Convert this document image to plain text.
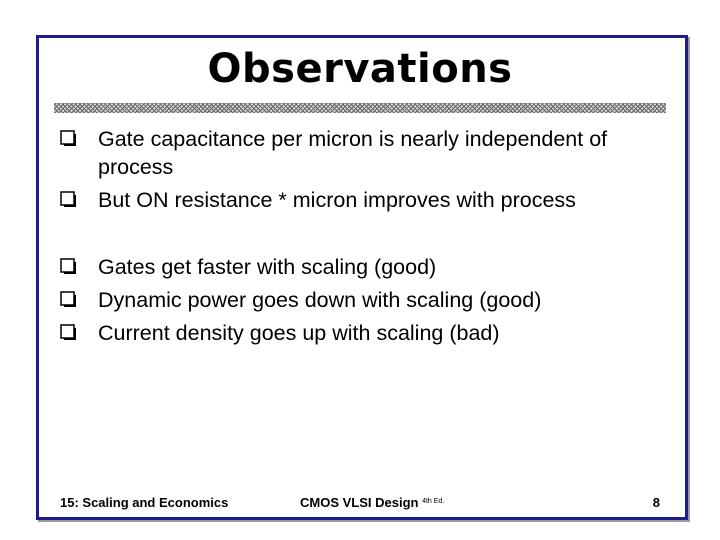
Observations
Gate capacitance per micron is nearly independent of process
But ON resistance * micron improves with process
Gates get faster with scaling (good)
Dynamic power goes down with scaling (good)
Current density goes up with scaling (bad)
15: Scaling and Economics	CMOS VLSI Design $^{4th Ed.}$	8
